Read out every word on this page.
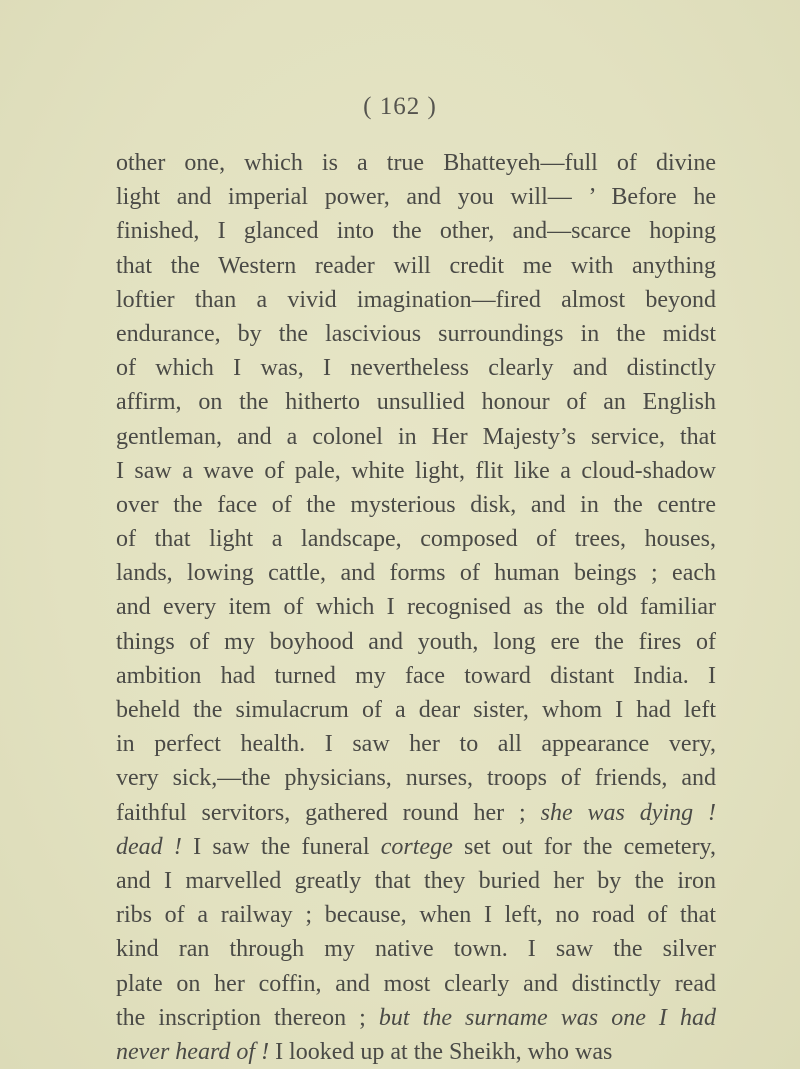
( 162 )
other one, which is a true Bhatteyeh—full of divine
light and imperial power, and you will— ’ Before he
finished, I glanced into the other, and—scarce hoping
that the Western reader will credit me with anything
loftier than a vivid imagination—fired almost beyond
endurance, by the lascivious surroundings in the midst
of which I was, I nevertheless clearly and distinctly
affirm, on the hitherto unsullied honour of an English
gentleman, and a colonel in Her Majesty’s service, that
I saw a wave of pale, white light, flit like a cloud-shadow
over the face of the mysterious disk, and in the centre
of that light a landscape, composed of trees, houses,
lands, lowing cattle, and forms of human beings ; each
and every item of which I recognised as the old familiar
things of my boyhood and youth, long ere the fires of
ambition had turned my face toward distant India. I
beheld the simulacrum of a dear sister, whom I had left
in perfect health. I saw her to all appearance very,
very sick,—the physicians, nurses, troops of friends, and
faithful servitors, gathered round her ; she was dying !
dead ! I saw the funeral cortege set out for the cemetery,
and I marvelled greatly that they buried her by the iron
ribs of a railway ; because, when I left, no road of that
kind ran through my native town. I saw the silver
plate on her coffin, and most clearly and distinctly read
the inscription thereon ; but the surname was one I had
never heard of ! I looked up at the Sheikh, who was
